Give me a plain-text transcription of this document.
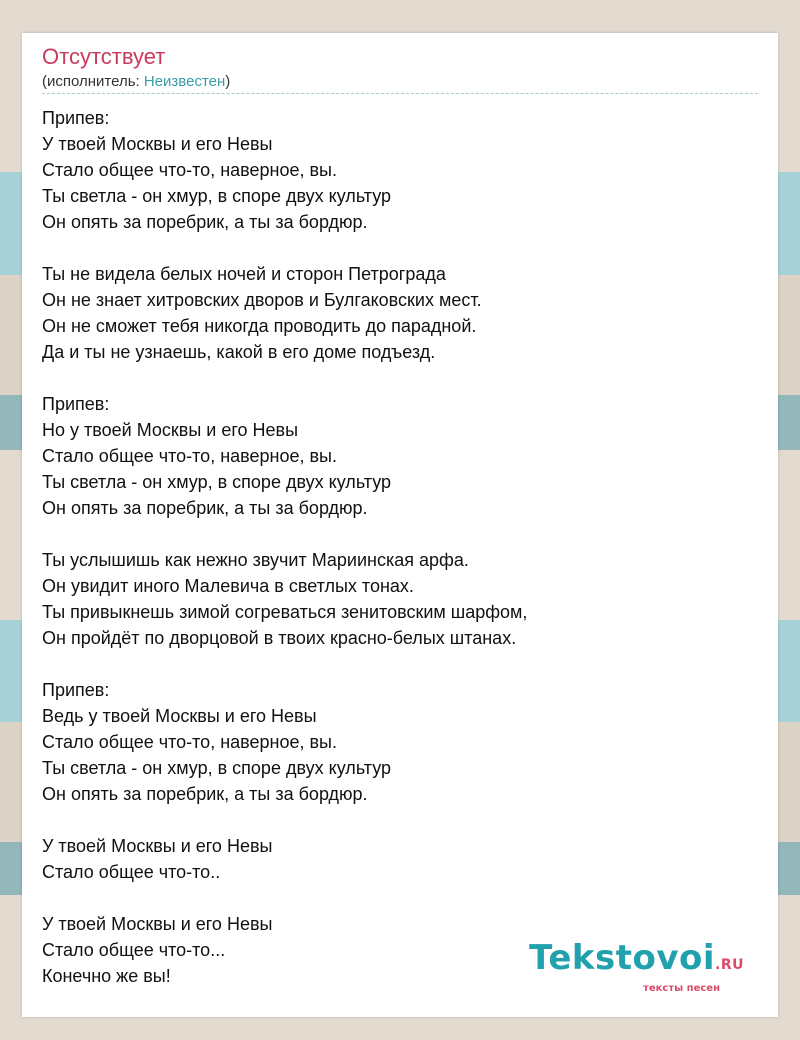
Отсутствует
(исполнитель: Неизвестен)
Припев:
У твоей Москвы и его Невы
Стало общее что-то, наверное, вы.
Ты светла - он хмур, в споре двух культур
Он опять за поребрик, а ты за бордюр.
Ты не видела белых ночей и сторон Петрограда
Он не знает хитровских дворов и Булгаковских мест.
Он не сможет тебя никогда проводить до парадной.
Да и ты не узнаешь, какой в его доме подъезд.
Припев:
Но у твоей Москвы и его Невы
Стало общее что-то, наверное, вы.
Ты светла - он хмур, в споре двух культур
Он опять за поребрик, а ты за бордюр.
Ты услышишь как нежно звучит Мариинская арфа.
Он увидит иного Малевича в светлых тонах.
Ты привыкнешь зимой согреваться зенитовским шарфом,
Он пройдёт по дворцовой в твоих красно-белых штанах.
Припев:
Ведь у твоей Москвы и его Невы
Стало общее что-то, наверное, вы.
Ты светла - он хмур, в споре двух культур
Он опять за поребрик, а ты за бордюр.
У твоей Москвы и его Невы
Стало общее что-то..
У твоей Москвы и его Невы
Стало общее что-то...
Конечно же вы!	Tekstovoi.RU
тексты песен
